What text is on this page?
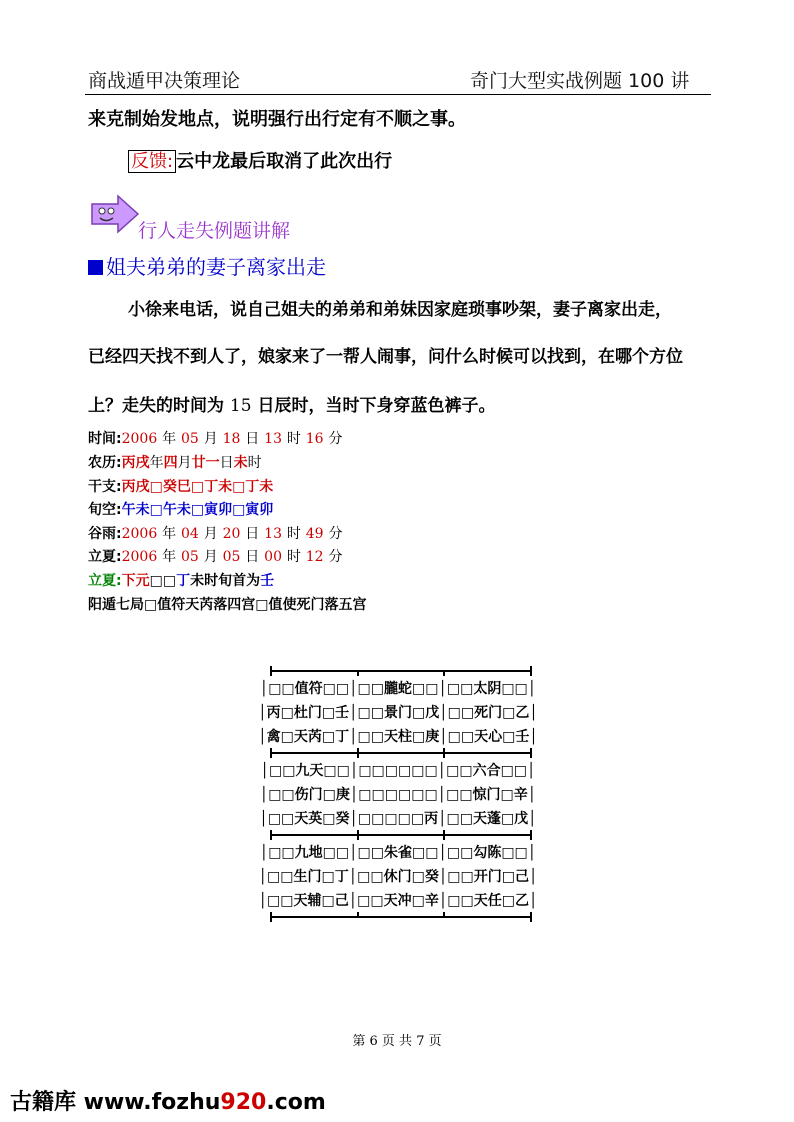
商战遁甲决策理论	奇门大型实战例题 100 讲
来克制始发地点，说明强行出行定有不顺之事。
反馈: 云中龙最后取消了此次出行
行人走失例题讲解
姐夫弟弟的妻子离家出走
小徐来电话，说自己姐夫的弟弟和弟妹因家庭琐事吵架，妻子离家出走，
已经四天找不到人了，娘家来了一帮人闹事，问什么时候可以找到，在哪个方位
上？走失的时间为 15 日辰时，当时下身穿蓝色裤子。
时间:2006 年 05 月 18 日 13 时 16 分
农历:丙戌年四月廿一日未时
干支:丙戌□癸巳□丁未□丁未
旬空:午未□午未□寅卯□寅卯
谷雨:2006 年 04 月 20 日 13 时 49 分
立夏:2006 年 05 月 05 日 00 时 12 分
立夏:下元□□丁未时旬首为壬
阳遁七局□值符天芮落四宫□值使死门落五宫
│□□值符□□│□□朧蛇□□│□□太阴□□│
│丙□杜门□壬│□□景门□戊│□□死门□乙│
│禽□天芮□丁│□□天柱□庚│□□天心□壬│
│□□九天□□│□□□□□□│□□六合□□│
│□□伤门□庚│□□□□□□│□□惊门□辛│
│□□天英□癸│□□□□□丙│□□天蓬□戊│
│□□九地□□│□□朱雀□□│□□勾陈□□│
│□□生门□丁│□□休门□癸│□□开门□己│
│□□天辅□己│□□天冲□辛│□□天任□乙│
第 6 页 共 7 页
古籍库 www.fozhu920.com
